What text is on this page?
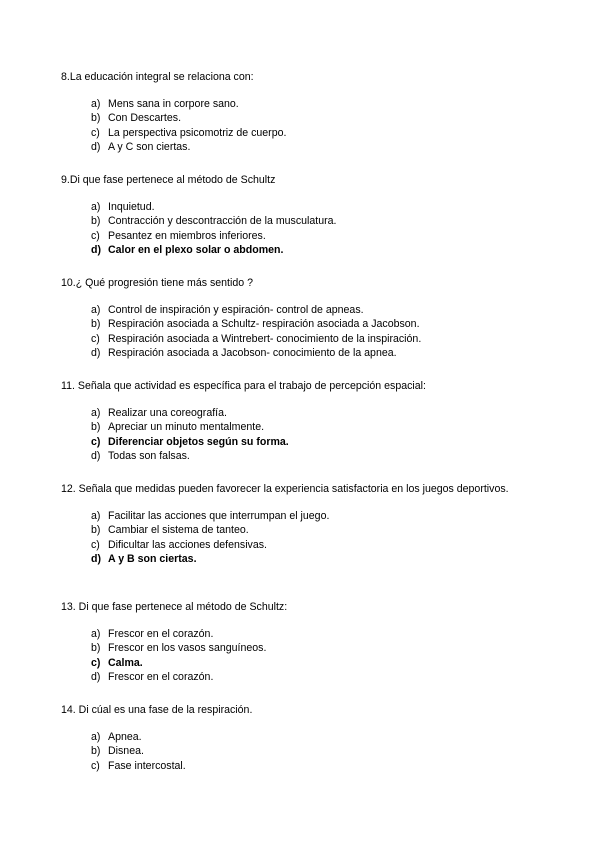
8.La educación integral se relaciona con:

a) Mens sana in corpore sano.
b) Con Descartes.
c) La perspectiva psicomotriz de cuerpo.
d) A y C son ciertas.

9.Di que fase pertenece al método de Schultz

a) Inquietud.
b) Contracción y descontracción de la musculatura.
c) Pesantez en miembros inferiores.
d) Calor en el plexo solar o abdomen.

10.¿ Qué progresión tiene más sentido ?

a) Control de inspiración y espiración- control de apneas.
b) Respiración asociada a Schultz- respiración asociada a Jacobson.
c) Respiración asociada a Wintrebert- conocimiento de la inspiración.
d) Respiración asociada a Jacobson- conocimiento de la apnea.

11. Señala que actividad es específica para el trabajo de percepción espacial:

a) Realizar una coreografía.
b) Apreciar un minuto mentalmente.
c) Diferenciar objetos según su forma.
d) Todas son falsas.

12. Señala que medidas pueden favorecer la experiencia satisfactoria en los juegos deportivos.

a) Facilitar las acciones que interrumpan el juego.
b) Cambiar el sistema de tanteo.
c) Dificultar las acciones defensivas.
d) A y B son ciertas.

13. Di que fase pertenece al método de Schultz:

a) Frescor en el corazón.
b) Frescor en los vasos sanguíneos.
c) Calma.
d) Frescor en el corazón.

14. Di cúal es una fase de la respiración.

a) Apnea.
b) Disnea.
c) Fase intercostal.
